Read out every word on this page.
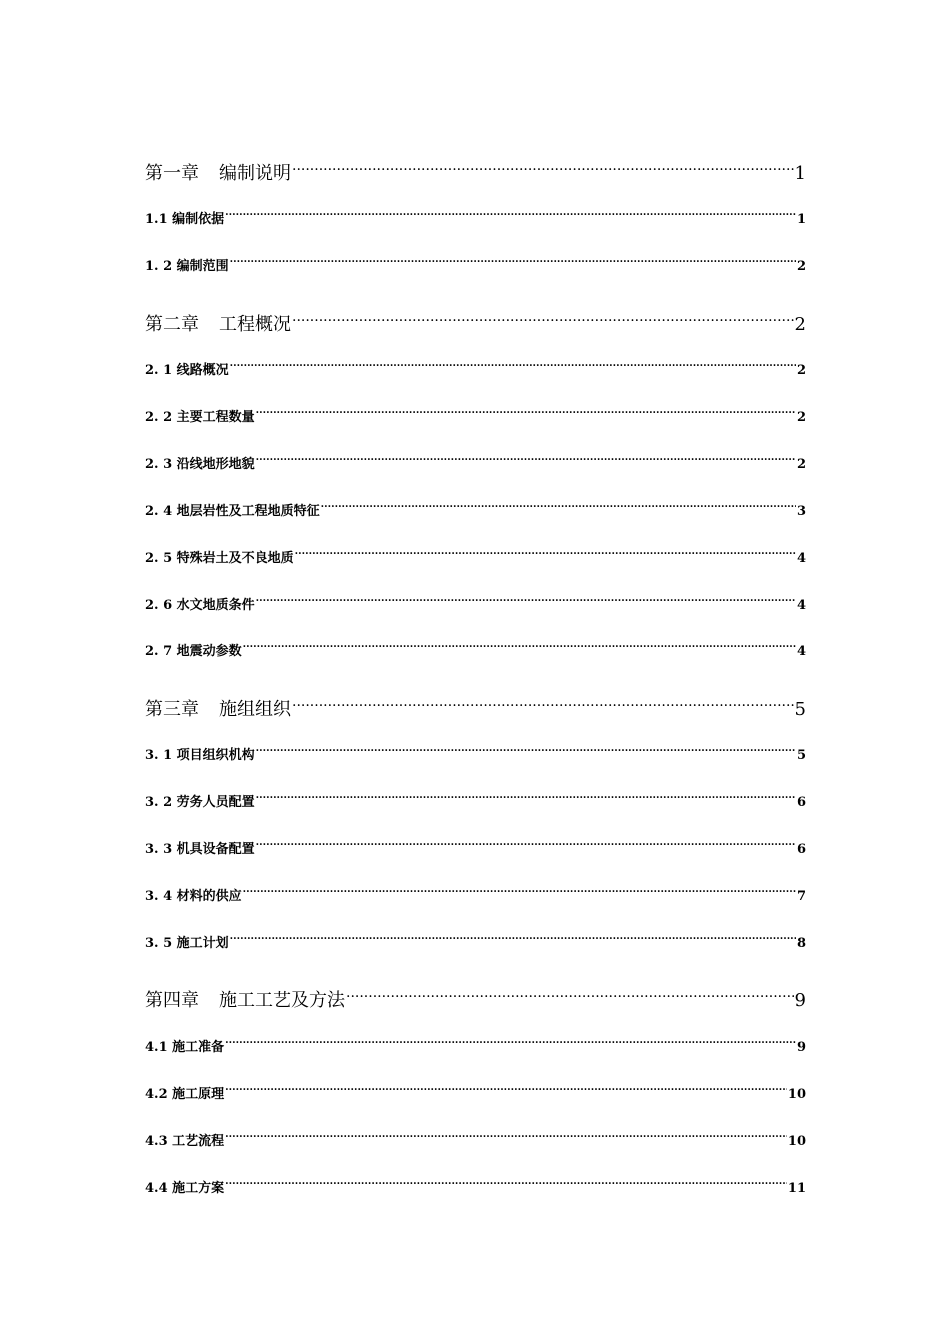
第一章 编制说明 .....	1
1.1 编制依据 .....	1
1. 2 编制范围 .....	2
第二章 工程概况 .....	2
2. 1 线路概况 .....	2
2. 2 主要工程数量 .....	2
2. 3 沿线地形地貌 .....	2
2. 4 地层岩性及工程地质特征 .....	3
2. 5 特殊岩土及不良地质 .....	4
2. 6 水文地质条件 .....	4
2. 7 地震动参数 .....	4
第三章 施组组织 .....	5
3. 1 项目组织机构 .....	5
3. 2 劳务人员配置 .....	6
3. 3 机具设备配置 .....	6
3. 4 材料的供应 .....	7
3. 5 施工计划 .....	8
第四章 施工工艺及方法 .....	9
4.1 施工准备 .....	9
4.2 施工原理 .....	10
4.3 工艺流程 .....	10
4.4 施工方案 .....	11
